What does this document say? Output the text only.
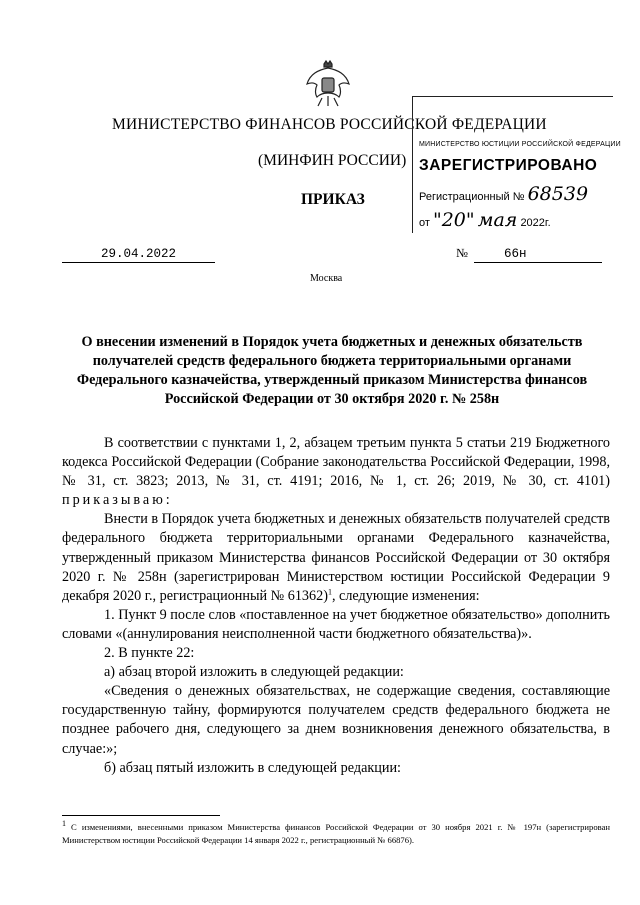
МИНИСТЕРСТВО ФИНАНСОВ РОССИЙСКОЙ ФЕДЕРАЦИИ
(МИНФИН РОССИИ)
ПРИКАЗ
МИНИСТЕРСТВО ЮСТИЦИИ РОССИЙСКОЙ ФЕДЕРАЦИИ
ЗАРЕГИСТРИРОВАНО
Регистрационный № 68539
от "20" мая 2022г.
29.04.2022	№	66н
Москва
О внесении изменений в Порядок учета бюджетных и денежных обязательств получателей средств федерального бюджета территориальными органами Федерального казначейства, утвержденный приказом Министерства финансов Российской Федерации от 30 октября 2020 г. № 258н

В соответствии с пунктами 1, 2, абзацем третьим пункта 5 статьи 219 Бюджетного кодекса Российской Федерации (Собрание законодательства Российской Федерации, 1998, № 31, ст. 3823; 2013, № 31, ст. 4191; 2016, № 1, ст. 26; 2019, № 30, ст. 4101) приказываю:

Внести в Порядок учета бюджетных и денежных обязательств получателей средств федерального бюджета территориальными органами Федерального казначейства, утвержденный приказом Министерства финансов Российской Федерации от 30 октября 2020 г. № 258н (зарегистрирован Министерством юстиции Российской Федерации 9 декабря 2020 г., регистрационный № 61362)$^1$, следующие изменения:

1. Пункт 9 после слов «поставленное на учет бюджетное обязательство» дополнить словами «(аннулирования неисполненной части бюджетного обязательства)».

2. В пункте 22:

а) абзац второй изложить в следующей редакции:

«Сведения о денежных обязательствах, не содержащие сведения, составляющие государственную тайну, формируются получателем средств федерального бюджета не позднее рабочего дня, следующего за днем возникновения денежного обязательства, в случае:»;

б) абзац пятый изложить в следующей редакции:

$^1$ С изменениями, внесенными приказом Министерства финансов Российской Федерации от 30 ноября 2021 г. № 197н (зарегистрирован Министерством юстиции Российской Федерации 14 января 2022 г., регистрационный № 66876).
